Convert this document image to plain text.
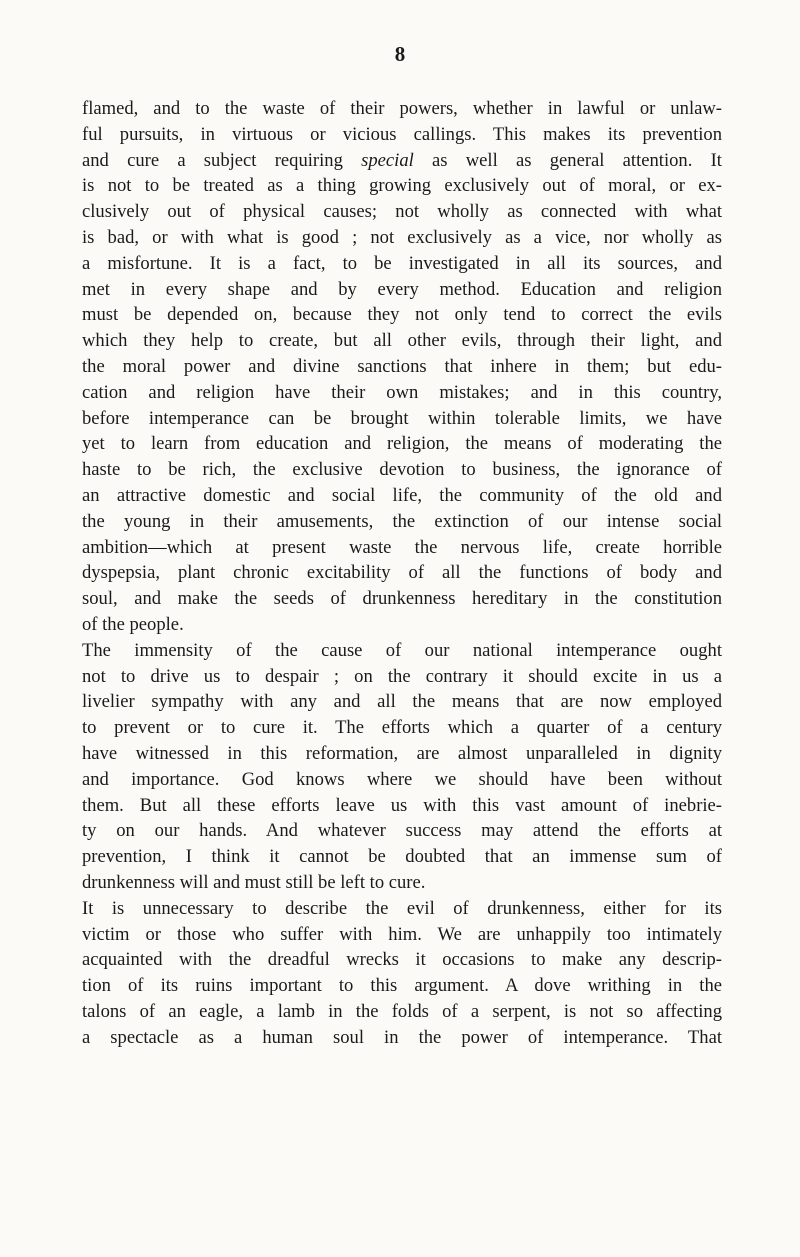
8
flamed, and to the waste of their powers, whether in lawful or unlaw-
ful pursuits, in virtuous or vicious callings. This makes its prevention
and cure a subject requiring special as well as general attention. It
is not to be treated as a thing growing exclusively out of moral, or ex-
clusively out of physical causes; not wholly as connected with what
is bad, or with what is good ; not exclusively as a vice, nor wholly as
a misfortune. It is a fact, to be investigated in all its sources, and
met in every shape and by every method. Education and religion
must be depended on, because they not only tend to correct the evils
which they help to create, but all other evils, through their light, and
the moral power and divine sanctions that inhere in them; but edu-
cation and religion have their own mistakes; and in this country,
before intemperance can be brought within tolerable limits, we have
yet to learn from education and religion, the means of moderating the
haste to be rich, the exclusive devotion to business, the ignorance of
an attractive domestic and social life, the community of the old and
the young in their amusements, the extinction of our intense social
ambition—which at present waste the nervous life, create horrible
dyspepsia, plant chronic excitability of all the functions of body and
soul, and make the seeds of drunkenness hereditary in the constitution
of the people.
The immensity of the cause of our national intemperance ought
not to drive us to despair ; on the contrary it should excite in us a
livelier sympathy with any and all the means that are now employed
to prevent or to cure it. The efforts which a quarter of a century
have witnessed in this reformation, are almost unparalleled in dignity
and importance. God knows where we should have been without
them. But all these efforts leave us with this vast amount of inebrie-
ty on our hands. And whatever success may attend the efforts at
prevention, I think it cannot be doubted that an immense sum of
drunkenness will and must still be left to cure.
It is unnecessary to describe the evil of drunkenness, either for its
victim or those who suffer with him. We are unhappily too intimately
acquainted with the dreadful wrecks it occasions to make any descrip-
tion of its ruins important to this argument. A dove writhing in the
talons of an eagle, a lamb in the folds of a serpent, is not so affecting
a spectacle as a human soul in the power of intemperance. That
